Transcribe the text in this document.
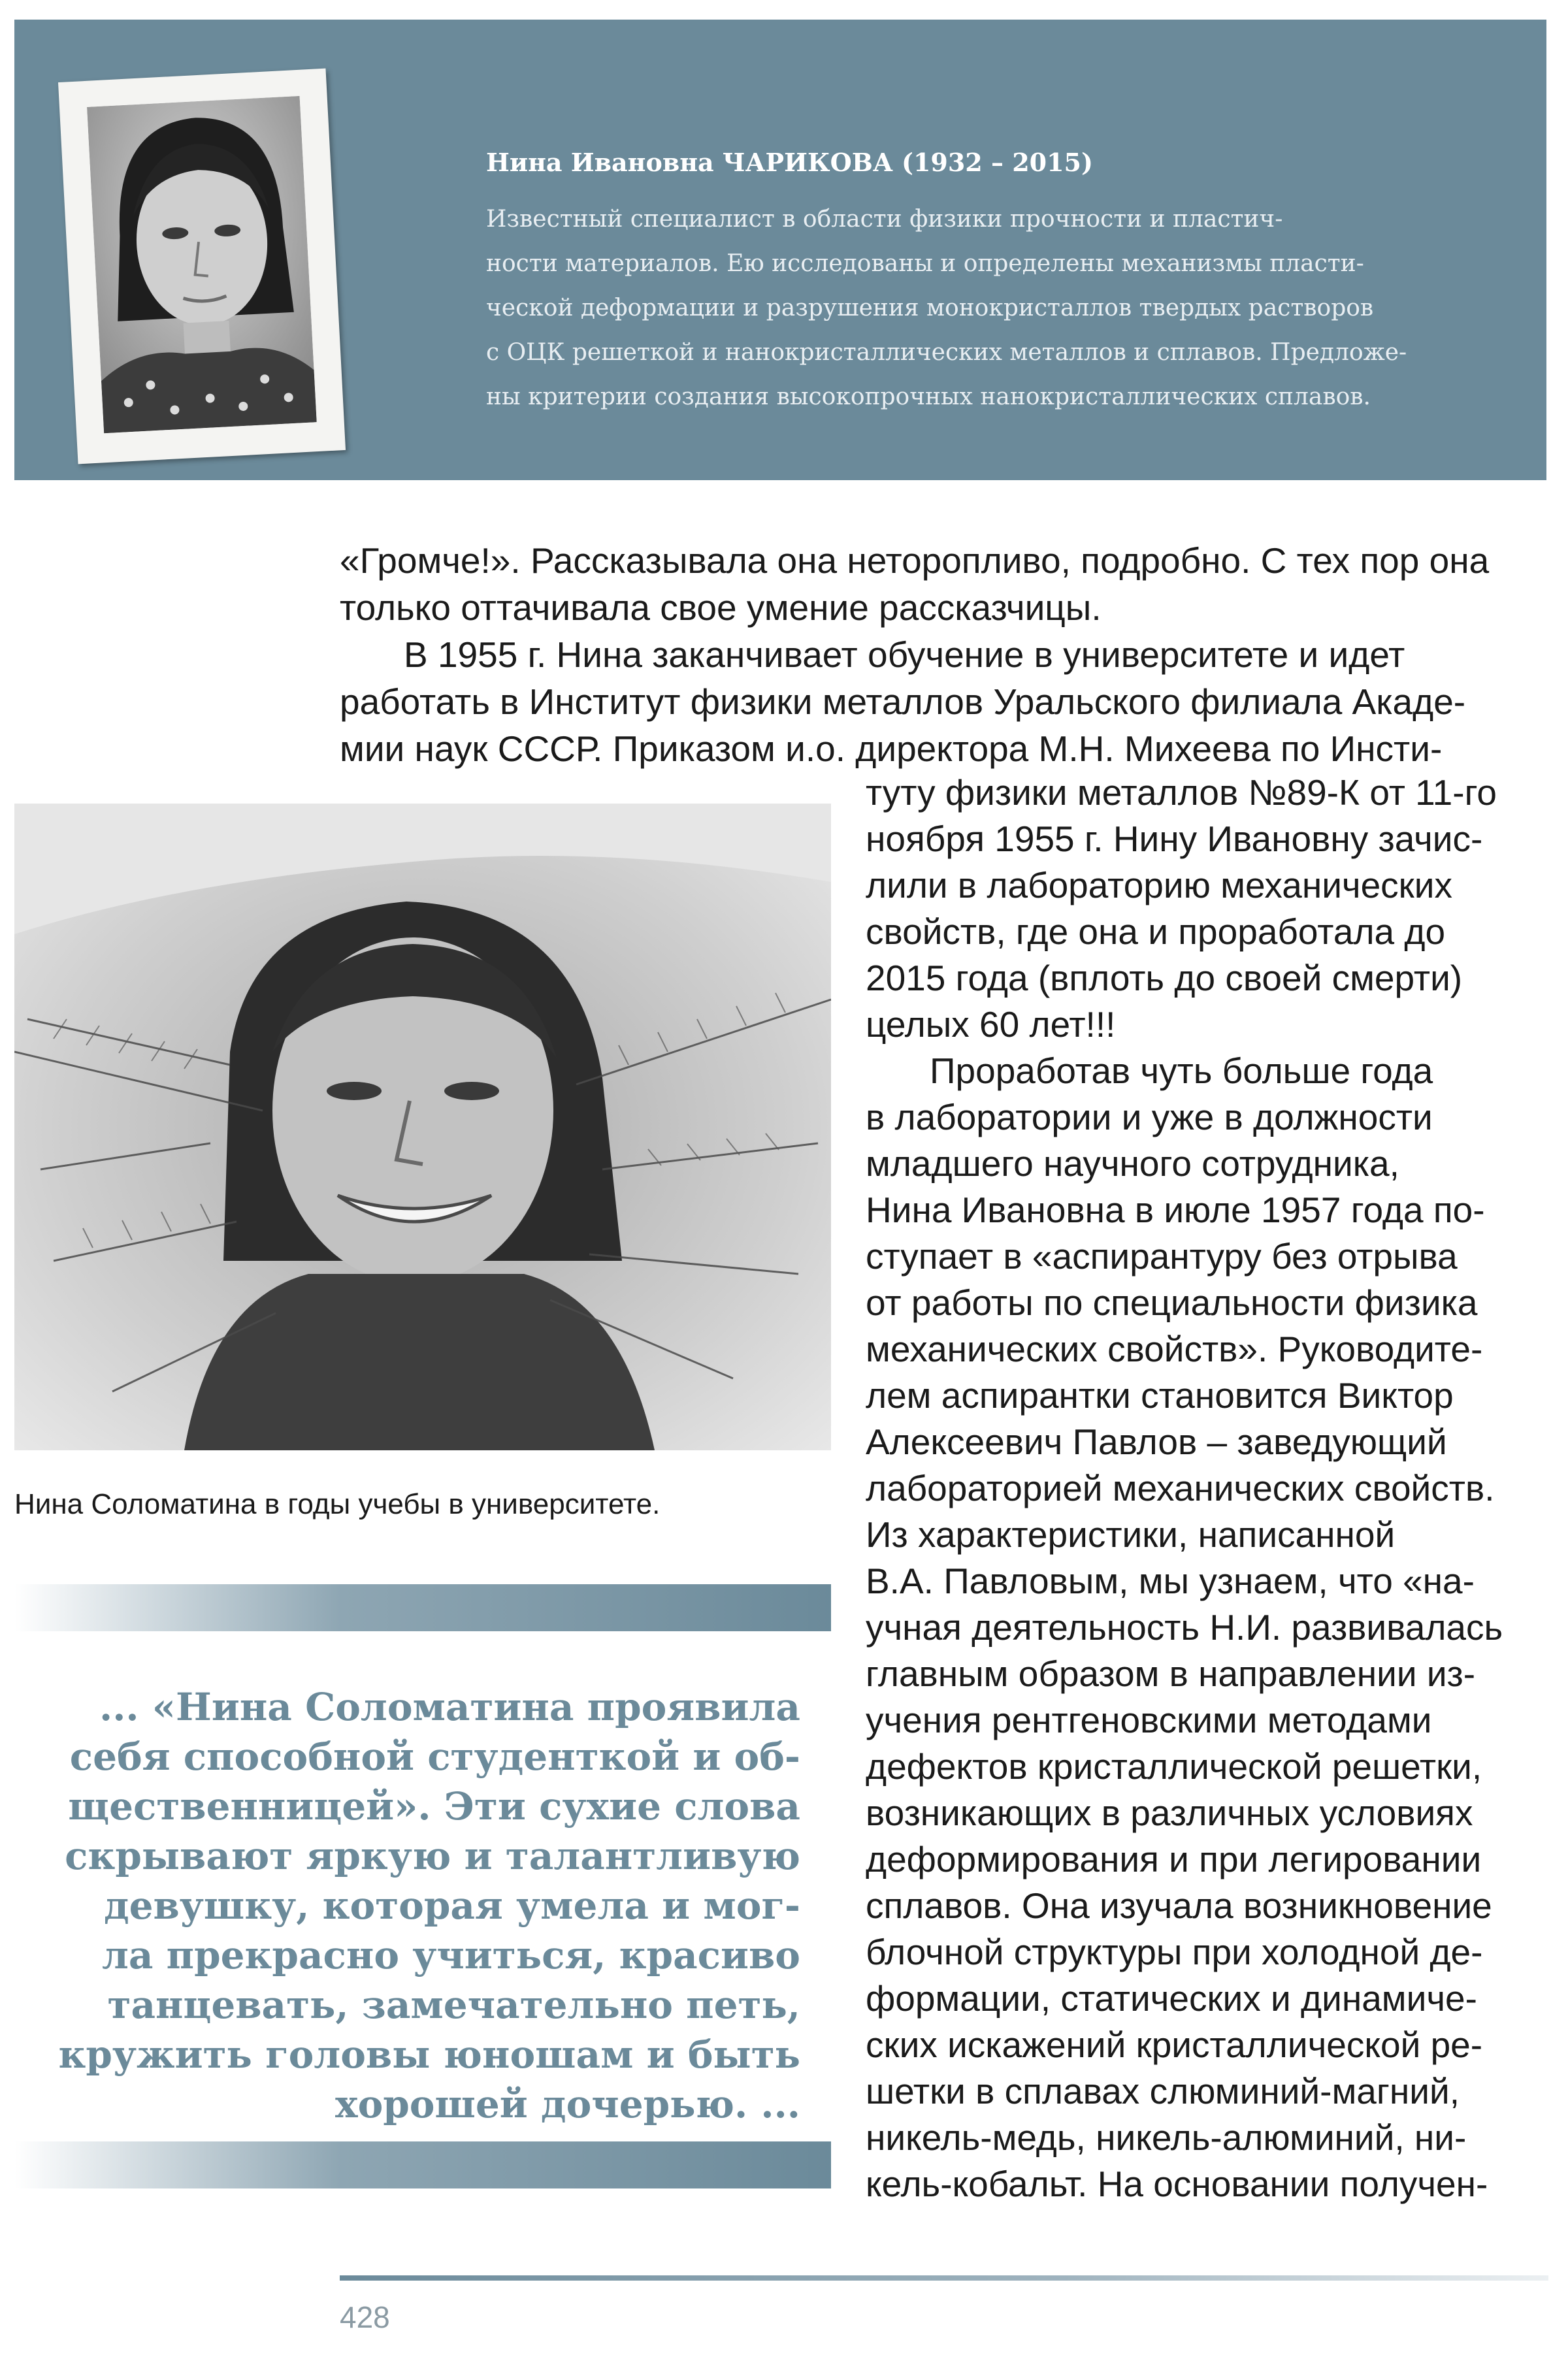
Нина Ивановна ЧАРИКОВА (1932 – 2015)
Известный специалист в области физики прочности и пластич-
ности материалов. Ею исследованы и определены механизмы пласти-
ческой деформации и разрушения монокристаллов твердых растворов
с ОЦК решеткой и нанокристаллических металлов и сплавов. Предложе-
ны критерии создания высокопрочных нанокристаллических сплавов.
«Громче!». Рассказывала она неторопливо, подробно. С тех пор она
только оттачивала свое умение рассказчицы.
В 1955 г. Нина заканчивает обучение в университете и идет
работать в Институт физики металлов Уральского филиала Акаде-
мии наук СССР. Приказом и.о. директора М.Н. Михеева по Инсти-
Нина Соломатина в годы учебы в университете.
... «Нина Соломатина проявила
себя способной студенткой и об-
щественницей». Эти сухие слова
скрывают яркую и талантливую
девушку, которая умела и мог-
ла прекрасно учиться, красиво
танцевать, замечательно петь,
кружить головы юношам и быть
хорошей дочерью. ...
туту физики металлов №89-К от 11-го
ноября 1955 г. Нину Ивановну зачис-
лили в лабораторию механических
свойств, где она и проработала до
2015 года (вплоть до своей смерти)
целых 60 лет!!!
Проработав чуть больше года
в лаборатории и уже в должности
младшего научного сотрудника,
Нина Ивановна в июле 1957 года по-
ступает в «аспирантуру без отрыва
от работы по специальности физика
механических свойств». Руководите-
лем аспирантки становится Виктор
Алексеевич Павлов – заведующий
лабораторией механических свойств.
Из характеристики, написанной
В.А. Павловым, мы узнаем, что «на-
учная деятельность Н.И. развивалась
главным образом в направлении из-
учения рентгеновскими методами
дефектов кристаллической решетки,
возникающих в различных условиях
деформирования и при легировании
сплавов. Она изучала возникновение
блочной структуры при холодной де-
формации, статических и динамиче-
ских искажений кристаллической ре-
шетки в сплавах слюминий-магний,
никель-медь, никель-алюминий, ни-
кель-кобальт. На основании получен-
428
